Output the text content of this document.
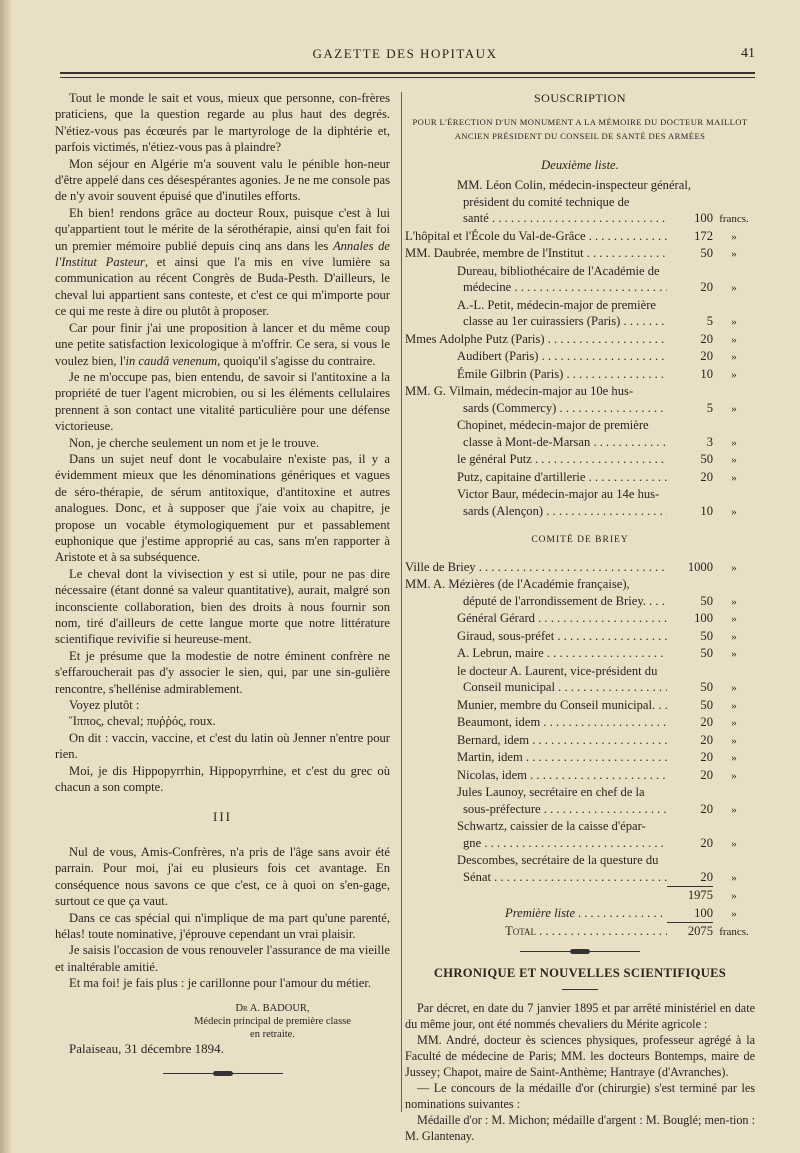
GAZETTE DES HOPITAUX	41

Tout le monde le sait et vous, mieux que personne, con-frères praticiens, que la question regarde au plus haut des degrés. N'étiez-vous pas écœurés par le martyrologe de la diphtérie et, parfois victimés, n'étiez-vous pas à plaindre?

Mon séjour en Algérie m'a souvent valu le pénible hon-neur d'être appelé dans ces désespérantes agonies. Je ne me console pas de n'y avoir souvent épuisé que d'inutiles efforts.

Eh bien! rendons grâce au docteur Roux, puisque c'est à lui qu'appartient tout le mérite de la sérothérapie, ainsi qu'en fait foi un premier mémoire publié depuis cinq ans dans les Annales de l'Institut Pasteur, et ainsi que l'a mis en vive lumière sa communication au récent Congrès de Buda-Pesth. D'ailleurs, le cheval lui appartient sans conteste, et c'est ce qui m'importe pour ce qui me reste à dire ou plutôt à proposer.

Car pour finir j'ai une proposition à lancer et du même coup une petite satisfaction lexicologique à m'offrir. Ce sera, si vous le voulez bien, l'in caudâ venenum, quoiqu'il s'agisse du contraire.

Je ne m'occupe pas, bien entendu, de savoir si l'antitoxine a la propriété de tuer l'agent microbien, ou si les éléments cellulaires prennent à son contact une vitalité particulière pour une défense victorieuse.

Non, je cherche seulement un nom et je le trouve.

Dans un sujet neuf dont le vocabulaire n'existe pas, il y a évidemment mieux que les dénominations génériques et vagues de séro-thérapie, de sérum antitoxique, d'antitoxine et autres analogues. Donc, et à supposer que j'aie voix au chapitre, je propose un vocable étymologiquement pur et passablement euphonique que j'estime approprié au cas, sans m'en rapporter à Aristote et à sa subséquence.

Le cheval dont la vivisection y est si utile, pour ne pas dire nécessaire (étant donné sa valeur quantitative), aurait, malgré son inconsciente collaboration, bien des droits à nous fournir son nom, tiré d'ailleurs de cette langue morte que notre littérature scientifique revivifie si heureuse-ment.

Et je présume que la modestie de notre éminent confrère ne s'effaroucherait pas d'y associer le sien, qui, par une sin-gulière rencontre, s'hellénise admirablement.

Voyez plutôt :

Ἵππος, cheval; πυῤῥός, roux.

On dit : vaccin, vaccine, et c'est du latin où Jenner n'entre pour rien.

Moi, je dis Hippopyrrhin, Hippopyrrhine, et c'est du grec où chacun a son compte.

III

Nul de vous, Amis-Confrères, n'a pris de l'âge sans avoir été parrain. Pour moi, j'ai eu plusieurs fois cet avantage. En conséquence nous savons ce que c'est, ce à quoi on s'en-gage, surtout ce que ça vaut.

Dans ce cas spécial qui n'implique de ma part qu'une parenté, hélas! toute nominative, j'éprouve cependant un vrai plaisir.

Je saisis l'occasion de vous renouveler l'assurance de ma vieille et inaltérable amitié.

Et ma foi! je fais plus : je carillonne pour l'amour du métier.

Dr A. BADOUR,
Médecin principal de première classe
en retraite.

Palaiseau, 31 décembre 1894.

SOUSCRIPTION
POUR L'ÉRECTION D'UN MONUMENT A LA MÉMOIRE DU DOCTEUR MAILLOT
ANCIEN PRÉSIDENT DU CONSEIL DE SANTÉ DES ARMÉES
Deuxième liste.
MM. Léon Colin, médecin-inspecteur général,
président du comité technique de
santé . . .	100 francs.
L'hôpital et l'École du Val-de-Grâce . . .	172	»
MM. Daubrée, membre de l'Institut . . .	50	»
Dureau, bibliothécaire de l'Académie de
médecine . . .	20	»
A.-L. Petit, médecin-major de première
classe au 1er cuirassiers (Paris) . . .	5	»
Mmes Adolphe Putz (Paris) . . .	20	»
Audibert (Paris) . . .	20	»
Émile Gilbrin (Paris) . . .	10	»
MM. G. Vilmain, médecin-major au 10e hus-
sards (Commercy) . . .	5	»
Chopinet, médecin-major de première
classe à Mont-de-Marsan . . .	3	»
le général Putz . . .	50	»
Putz, capitaine d'artillerie . . .	20	»
Victor Baur, médecin-major au 14e hus-
sards (Alençon) . . .	10	»
COMITÉ DE BRIEY
Ville de Briey . . .	1000	»
MM. A. Mézières (de l'Académie française),
député de l'arrondissement de Briey. . . .	50	»
Général Gérard . . .	100	»
Giraud, sous-préfet . . .	50	»
A. Lebrun, maire . . .	50	»
le docteur A. Laurent, vice-président du
Conseil municipal . . .	50	»
Munier, membre du Conseil municipal. . . .	50	»
Beaumont, idem . . .	20	»
Bernard, idem . . .	20	»
Martin, idem . . .	20	»
Nicolas, idem . . .	20	»
Jules Launoy, secrétaire en chef de la
sous-préfecture . . .	20	»
Schwartz, caissier de la caisse d'épar-
gne . . .	20	»
Descombes, secrétaire de la questure du
Sénat . . .	20	»
1975	»
Première liste . . .	100	»
Total . . .	2075 francs.
CHRONIQUE ET NOUVELLES SCIENTIFIQUES

Par décret, en date du 7 janvier 1895 et par arrêté ministériel en date du même jour, ont été nommés chevaliers du Mérite agricole :

MM. André, docteur ès sciences physiques, professeur agrégé à la Faculté de médecine de Paris; MM. les docteurs Bontemps, maire de Jussey; Chapot, maire de Saint-Anthème; Hantraye (d'Avranches).

— Le concours de la médaille d'or (chirurgie) s'est terminé par les nominations suivantes :

Médaille d'or : M. Michon; médaille d'argent : M. Bouglé; men-tion : M. Glantenay.
